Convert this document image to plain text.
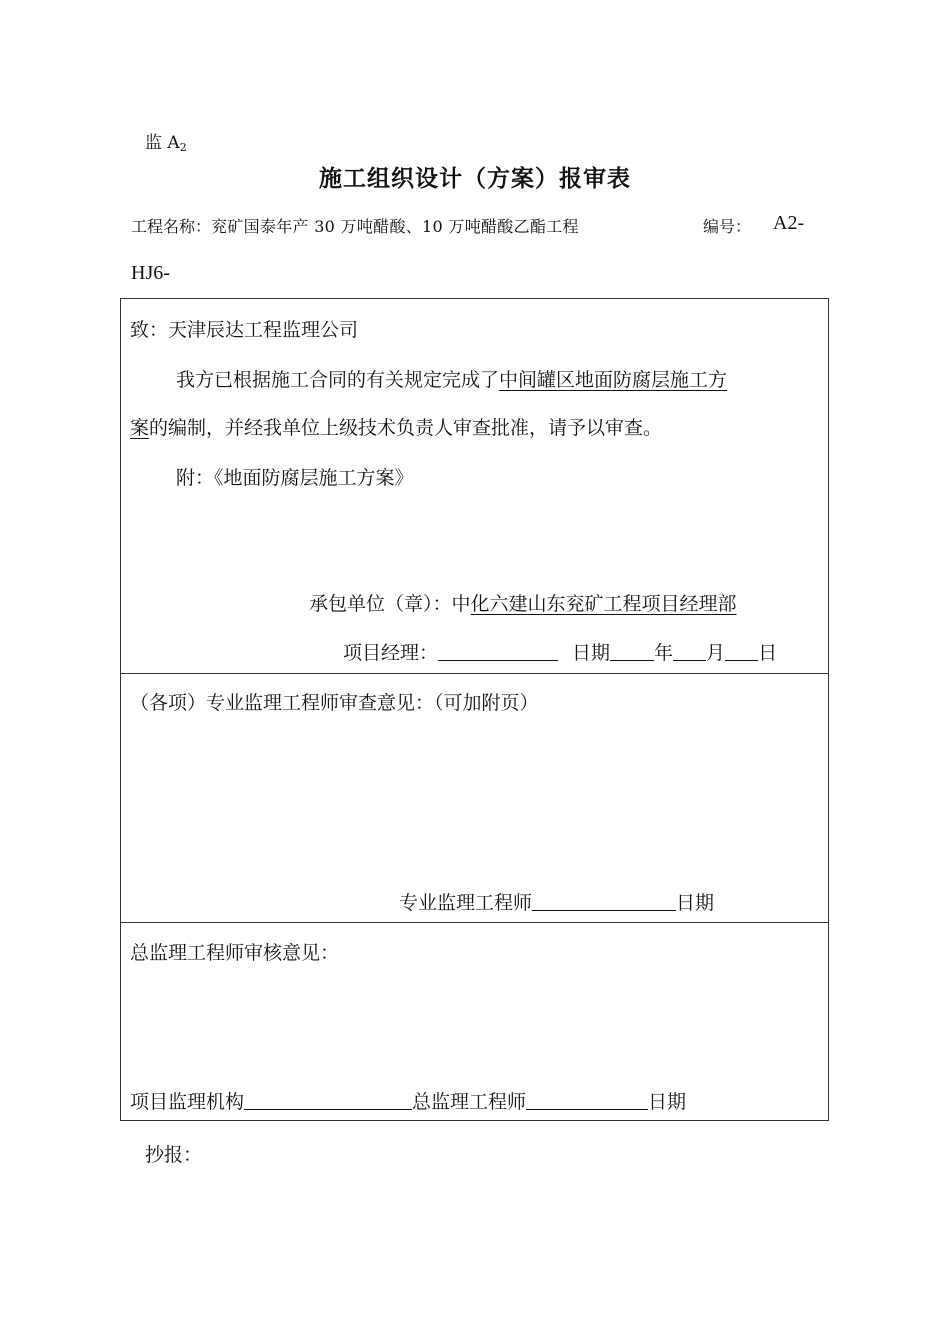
监 $A_2$
施工组织设计（方案）报审表
工程名称：兖矿国泰年产 30 万吨醋酸、10 万吨醋酸乙酯工程	编号： A2-
HJ6-
致：天津辰达工程监理公司
我方已根据施工合同的有关规定完成了中间罐区地面防腐层施工方
案的编制，并经我单位上级技术负责人审查批准，请予以审查。
附：《地面防腐层施工方案》
承包单位（章）：中化六建山东兖矿工程项目经理部
项目经理：	日期 年 月 日
（各项）专业监理工程师审查意见：（可加附页）
专业监理工程师	日期
总监理工程师审核意见：
项目监理机构	总监理工程师	日期
抄报：
